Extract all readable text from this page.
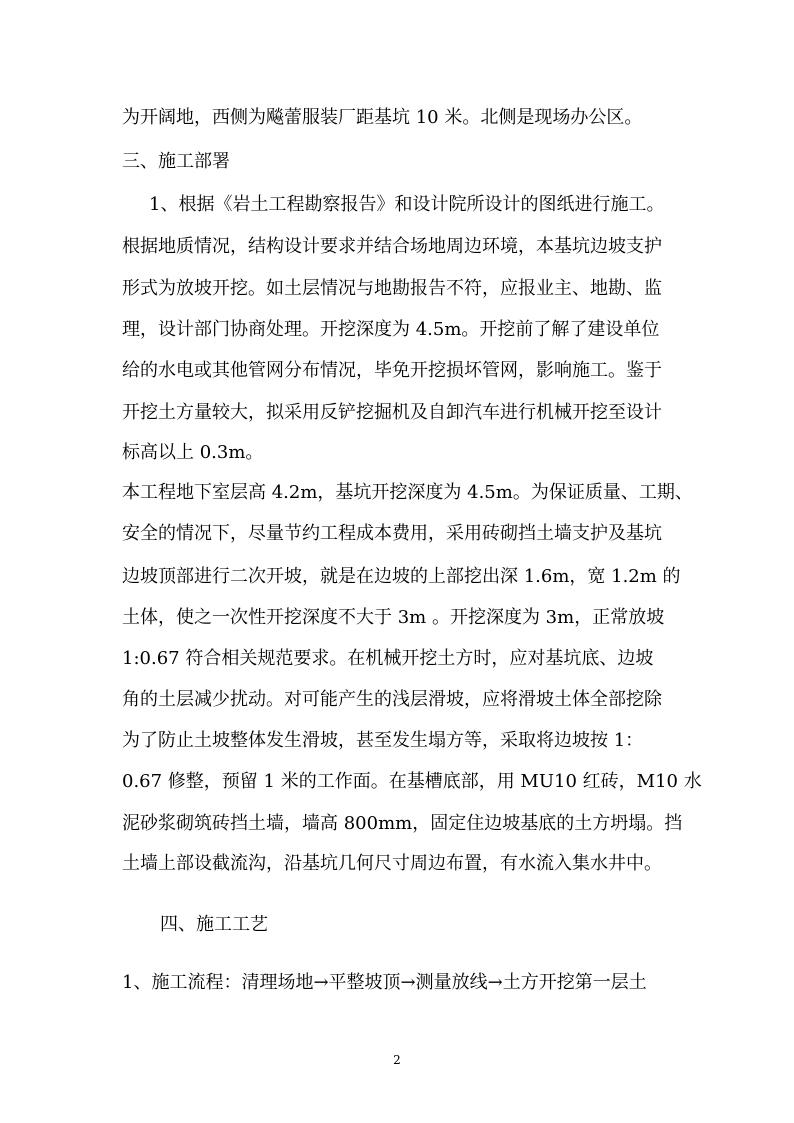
为开阔地，西侧为飚蕾服装厂距基坑 10 米。北侧是现场办公区。
三、施工部署
1、根据《岩土工程勘察报告》和设计院所设计的图纸进行施工。
根据地质情况，结构设计要求并结合场地周边环境，本基坑边坡支护
形式为放坡开挖。如土层情况与地勘报告不符，应报业主、地勘、监
理，设计部门协商处理。开挖深度为 4.5m。开挖前了解了建设单位
给的水电或其他管网分布情况，毕免开挖损坏管网，影响施工。鉴于
开挖土方量较大，拟采用反铲挖掘机及自卸汽车进行机械开挖至设计
标高以上 0.3m。
本工程地下室层高 4.2m，基坑开挖深度为 4.5m。为保证质量、工期、
安全的情况下，尽量节约工程成本费用，采用砖砌挡土墙支护及基坑
边坡顶部进行二次开坡，就是在边坡的上部挖出深 1.6m，宽 1.2m 的
土体，使之一次性开挖深度不大于 3m 。开挖深度为 3m，正常放坡
1:0.67 符合相关规范要求。在机械开挖土方时，应对基坑底、边坡
角的土层减少扰动。对可能产生的浅层滑坡，应将滑坡土体全部挖除
为了防止土坡整体发生滑坡，甚至发生塌方等，采取将边坡按 1：
0.67 修整，预留 1 米的工作面。在基槽底部，用 MU10 红砖，M10 水
泥砂浆砌筑砖挡土墙，墙高 800mm，固定住边坡基底的土方坍塌。挡
土墙上部设截流沟，沿基坑几何尺寸周边布置，有水流入集水井中。
四、施工工艺
1、施工流程：清理场地→平整坡顶→测量放线→土方开挖第一层土
2
